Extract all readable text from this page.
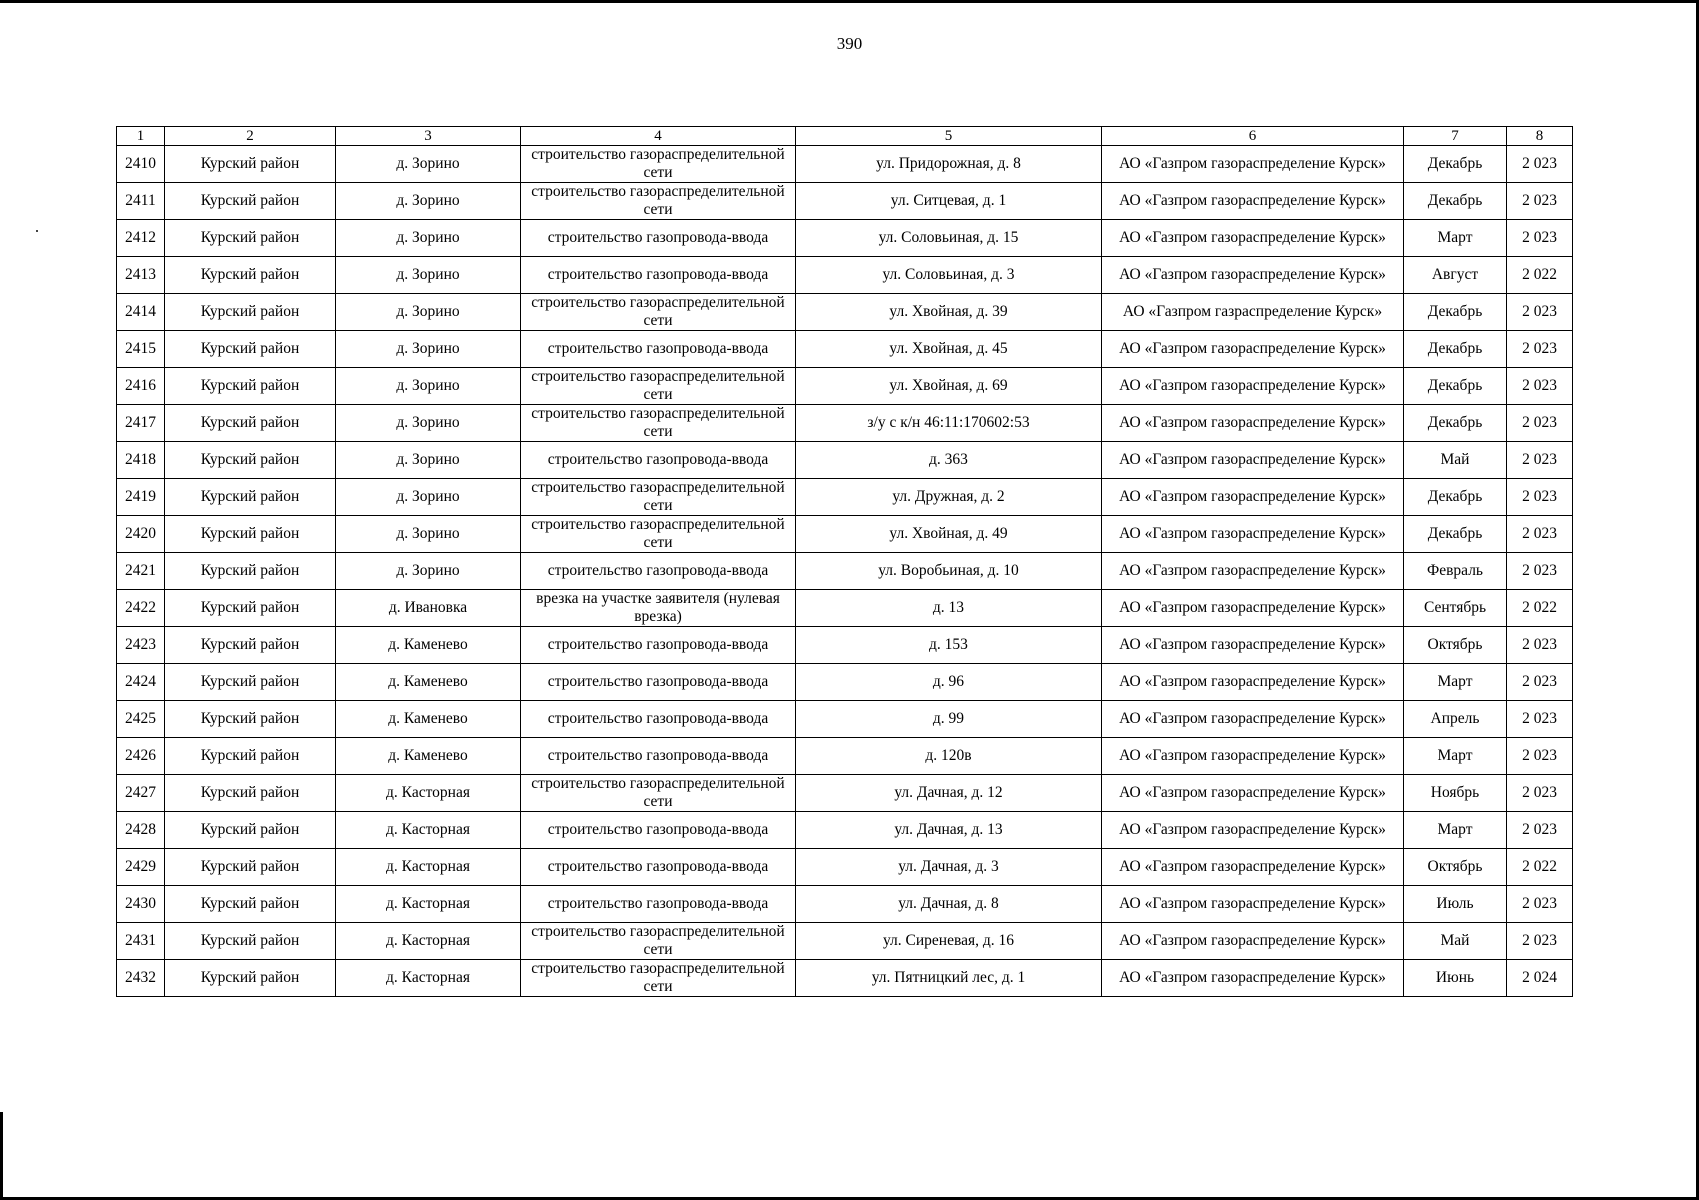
390
1	2	3	4	5	6	7	8
2410	Курский район	д. Зорино	строительство газораспределительной сети	ул. Придорожная, д. 8	АО «Газпром газораспределение Курск»	Декабрь	2 023
2411	Курский район	д. Зорино	строительство газораспределительной сети	ул. Ситцевая, д. 1	АО «Газпром газораспределение Курск»	Декабрь	2 023
2412	Курский район	д. Зорино	строительство газопровода-ввода	ул. Соловьиная, д. 15	АО «Газпром газораспределение Курск»	Март	2 023
2413	Курский район	д. Зорино	строительство газопровода-ввода	ул. Соловьиная, д. 3	АО «Газпром газораспределение Курск»	Август	2 022
2414	Курский район	д. Зорино	строительство газораспределительной сети	ул. Хвойная, д. 39	АО «Газпром газраспределение Курск»	Декабрь	2 023
2415	Курский район	д. Зорино	строительство газопровода-ввода	ул. Хвойная, д. 45	АО «Газпром газораспределение Курск»	Декабрь	2 023
2416	Курский район	д. Зорино	строительство газораспределительной сети	ул. Хвойная, д. 69	АО «Газпром газораспределение Курск»	Декабрь	2 023
2417	Курский район	д. Зорино	строительство газораспределительной сети	з/у с к/н 46:11:170602:53	АО «Газпром газораспределение Курск»	Декабрь	2 023
2418	Курский район	д. Зорино	строительство газопровода-ввода	д. 363	АО «Газпром газораспределение Курск»	Май	2 023
2419	Курский район	д. Зорино	строительство газораспределительной сети	ул. Дружная, д. 2	АО «Газпром газораспределение Курск»	Декабрь	2 023
2420	Курский район	д. Зорино	строительство газораспределительной сети	ул. Хвойная, д. 49	АО «Газпром газораспределение Курск»	Декабрь	2 023
2421	Курский район	д. Зорино	строительство газопровода-ввода	ул. Воробьиная, д. 10	АО «Газпром газораспределение Курск»	Февраль	2 023
2422	Курский район	д. Ивановка	врезка на участке заявителя (нулевая врезка)	д. 13	АО «Газпром газораспределение Курск»	Сентябрь	2 022
2423	Курский район	д. Каменево	строительство газопровода-ввода	д. 153	АО «Газпром газораспределение Курск»	Октябрь	2 023
2424	Курский район	д. Каменево	строительство газопровода-ввода	д. 96	АО «Газпром газораспределение Курск»	Март	2 023
2425	Курский район	д. Каменево	строительство газопровода-ввода	д. 99	АО «Газпром газораспределение Курск»	Апрель	2 023
2426	Курский район	д. Каменево	строительство газопровода-ввода	д. 120в	АО «Газпром газораспределение Курск»	Март	2 023
2427	Курский район	д. Касторная	строительство газораспределительной сети	ул. Дачная, д. 12	АО «Газпром газораспределение Курск»	Ноябрь	2 023
2428	Курский район	д. Касторная	строительство газопровода-ввода	ул. Дачная, д. 13	АО «Газпром газораспределение Курск»	Март	2 023
2429	Курский район	д. Касторная	строительство газопровода-ввода	ул. Дачная, д. 3	АО «Газпром газораспределение Курск»	Октябрь	2 022
2430	Курский район	д. Касторная	строительство газопровода-ввода	ул. Дачная, д. 8	АО «Газпром газораспределение Курск»	Июль	2 023
2431	Курский район	д. Касторная	строительство газораспределительной сети	ул. Сиреневая, д. 16	АО «Газпром газораспределение Курск»	Май	2 023
2432	Курский район	д. Касторная	строительство газораспределительной сети	ул. Пятницкий лес, д. 1	АО «Газпром газораспределение Курск»	Июнь	2 024
